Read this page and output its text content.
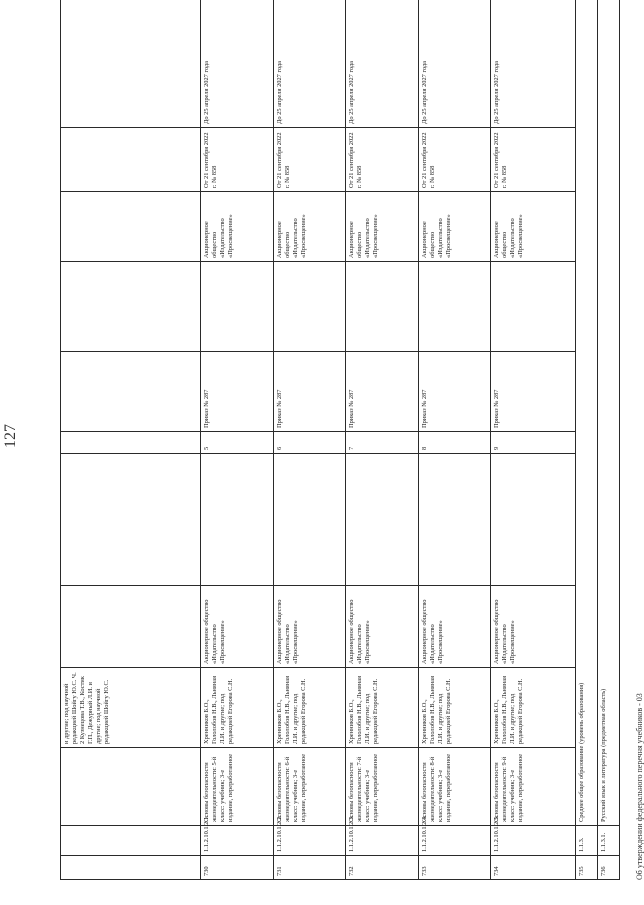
127
			и другие; под научной редакцией Шойгу Ю.С. Ч. 2 Кузнецова Т.В., Костик Г.П., Дежурный Л.И. и другие; под научной редакцией Шойгу Ю.С.								
730	1.1.2.10.1.2.1.	Основы безопасности жизнедеятельности: 5-й класс: учебник; 3-е издание, переработанное	Хренников Б.О., Гололобов Н.В., Льняная Л.И. и другие; под редакцией Егорова С.Н.	Акционерное общество «Издательство «Просвещение»		5	Приказ № 287		Акционерное общество «Издательство «Просвещение»	От 21 сентября 2022 г. № 858	До 25 апреля 2027 года
731	1.1.2.10.1.2.2.	Основы безопасности жизнедеятельности: 6-й класс: учебник; 3-е издание, переработанное	Хренников Б.О., Гололобов Н.В., Льняная Л.И. и другие; под редакцией Егорова С.Н.	Акционерное общество «Издательство «Просвещение»		6	Приказ № 287		Акционерное общество «Издательство «Просвещение»	От 21 сентября 2022 г. № 858	До 25 апреля 2027 года
732	1.1.2.10.1.2.3.	Основы безопасности жизнедеятельности: 7-й класс: учебник; 3-е издание, переработанное	Хренников Б.О., Гололобов Н.В., Льняная Л.И. и другие; под редакцией Егорова С.Н.	Акционерное общество «Издательство «Просвещение»		7	Приказ № 287		Акционерное общество «Издательство «Просвещение»	От 21 сентября 2022 г. № 858	До 25 апреля 2027 года
733	1.1.2.10.1.2.4.	Основы безопасности жизнедеятельности: 8-й класс: учебник; 3-е издание, переработанное	Хренников Б.О., Гололобов Н.В., Льняная Л.И. и другие; под редакцией Егорова С.Н.	Акционерное общество «Издательство «Просвещение»		8	Приказ № 287		Акционерное общество «Издательство «Просвещение»	От 21 сентября 2022 г. № 858	До 25 апреля 2027 года
734	1.1.2.10.1.2.5.	Основы безопасности жизнедеятельности: 9-й класс: учебник; 3-е издание, переработанное	Хренников Б.О., Гололобов Н.В., Льняная Л.И. и другие; под редакцией Егорова С.Н.	Акционерное общество «Издательство «Просвещение»		9	Приказ № 287		Акционерное общество «Издательство «Просвещение»	От 21 сентября 2022 г. № 858	До 25 апреля 2027 года
735	1.1.3.	Среднее общее образование (уровень образования)									
736	1.1.3.1.	Русский язык и литература (предметная область)										Об утверждении федерального перечня учебников - 03
